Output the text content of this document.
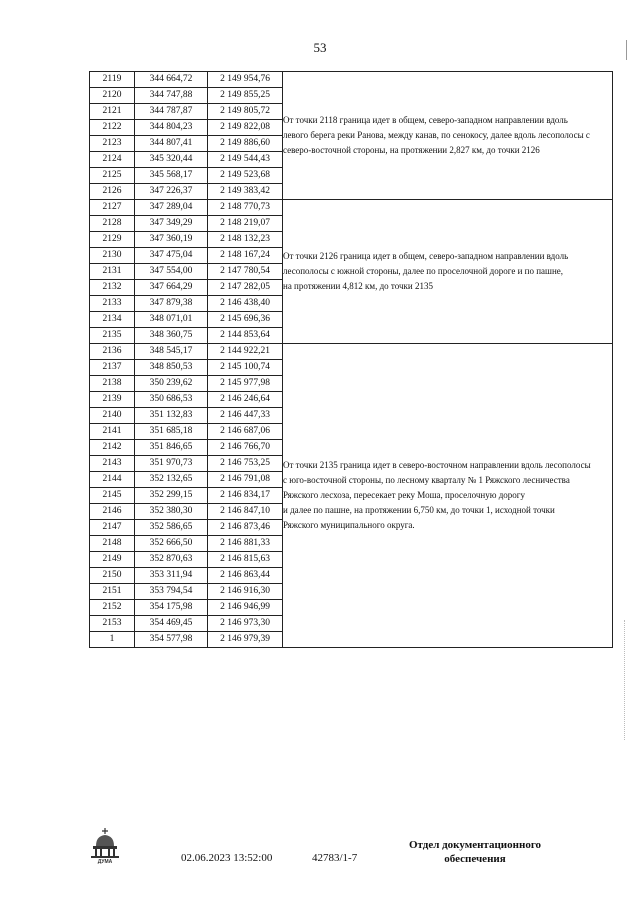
53
2119	344 664,72	2 149 954,76	От точки 2118 граница идет в общем, северо-западном направлении вдоль
левого берега реки Ранова, между канав, по сенокосу, далее вдоль лесополосы с
северо-восточной стороны, на протяжении 2,827 км, до точки 2126

2120	344 747,88	2 149 855,25	
2121	344 787,87	2 149 805,72	
2122	344 804,23	2 149 822,08	
2123	344 807,41	2 149 886,60	
2124	345 320,44	2 149 544,43	
2125	345 568,17	2 149 523,68	
2126	347 226,37	2 149 383,42	
2127	347 289,04	2 148 770,73	От точки 2126 граница идет в общем, северо-западном направлении вдоль
лесополосы с южной стороны, далее по проселочной дороге и по пашне,
на протяжении 4,812 км, до точки 2135

2128	347 349,29	2 148 219,07	
2129	347 360,19	2 148 132,23	
2130	347 475,04	2 148 167,24	
2131	347 554,00	2 147 780,54	
2132	347 664,29	2 147 282,05	
2133	347 879,38	2 146 438,40	
2134	348 071,01	2 145 696,36	
2135	348 360,75	2 144 853,64	
2136	348 545,17	2 144 922,21	От точки 2135 граница идет в северо-восточном направлении вдоль лесополосы
с юго-восточной стороны, по лесному кварталу № 1 Ряжского лесничества
Ряжского лесхоза, пересекает реку Мошa, проселочную дорогу
и далее по пашне, на протяжении 6,750 км, до точки 1, исходной точки
Ряжского муниципального округа.

2137	348 850,53	2 145 100,74	
2138	350 239,62	2 145 977,98	
2139	350 686,53	2 146 246,64	
2140	351 132,83	2 146 447,33	
2141	351 685,18	2 146 687,06	
2142	351 846,65	2 146 766,70	
2143	351 970,73	2 146 753,25	
2144	352 132,65	2 146 791,08	
2145	352 299,15	2 146 834,17	
2146	352 380,30	2 146 847,10	
2147	352 586,65	2 146 873,46	
2148	352 666,50	2 146 881,33	
2149	352 870,63	2 146 815,63	
2150	353 311,94	2 146 863,44	
2151	353 794,54	2 146 916,30	
2152	354 175,98	2 146 946,99	
2153	354 469,45	2 146 973,30	
1	354 577,98	2 146 979,39	
ДУМА	02.06.2023 13:52:00	42783/1-7
Отдел документационного
обеспечения
